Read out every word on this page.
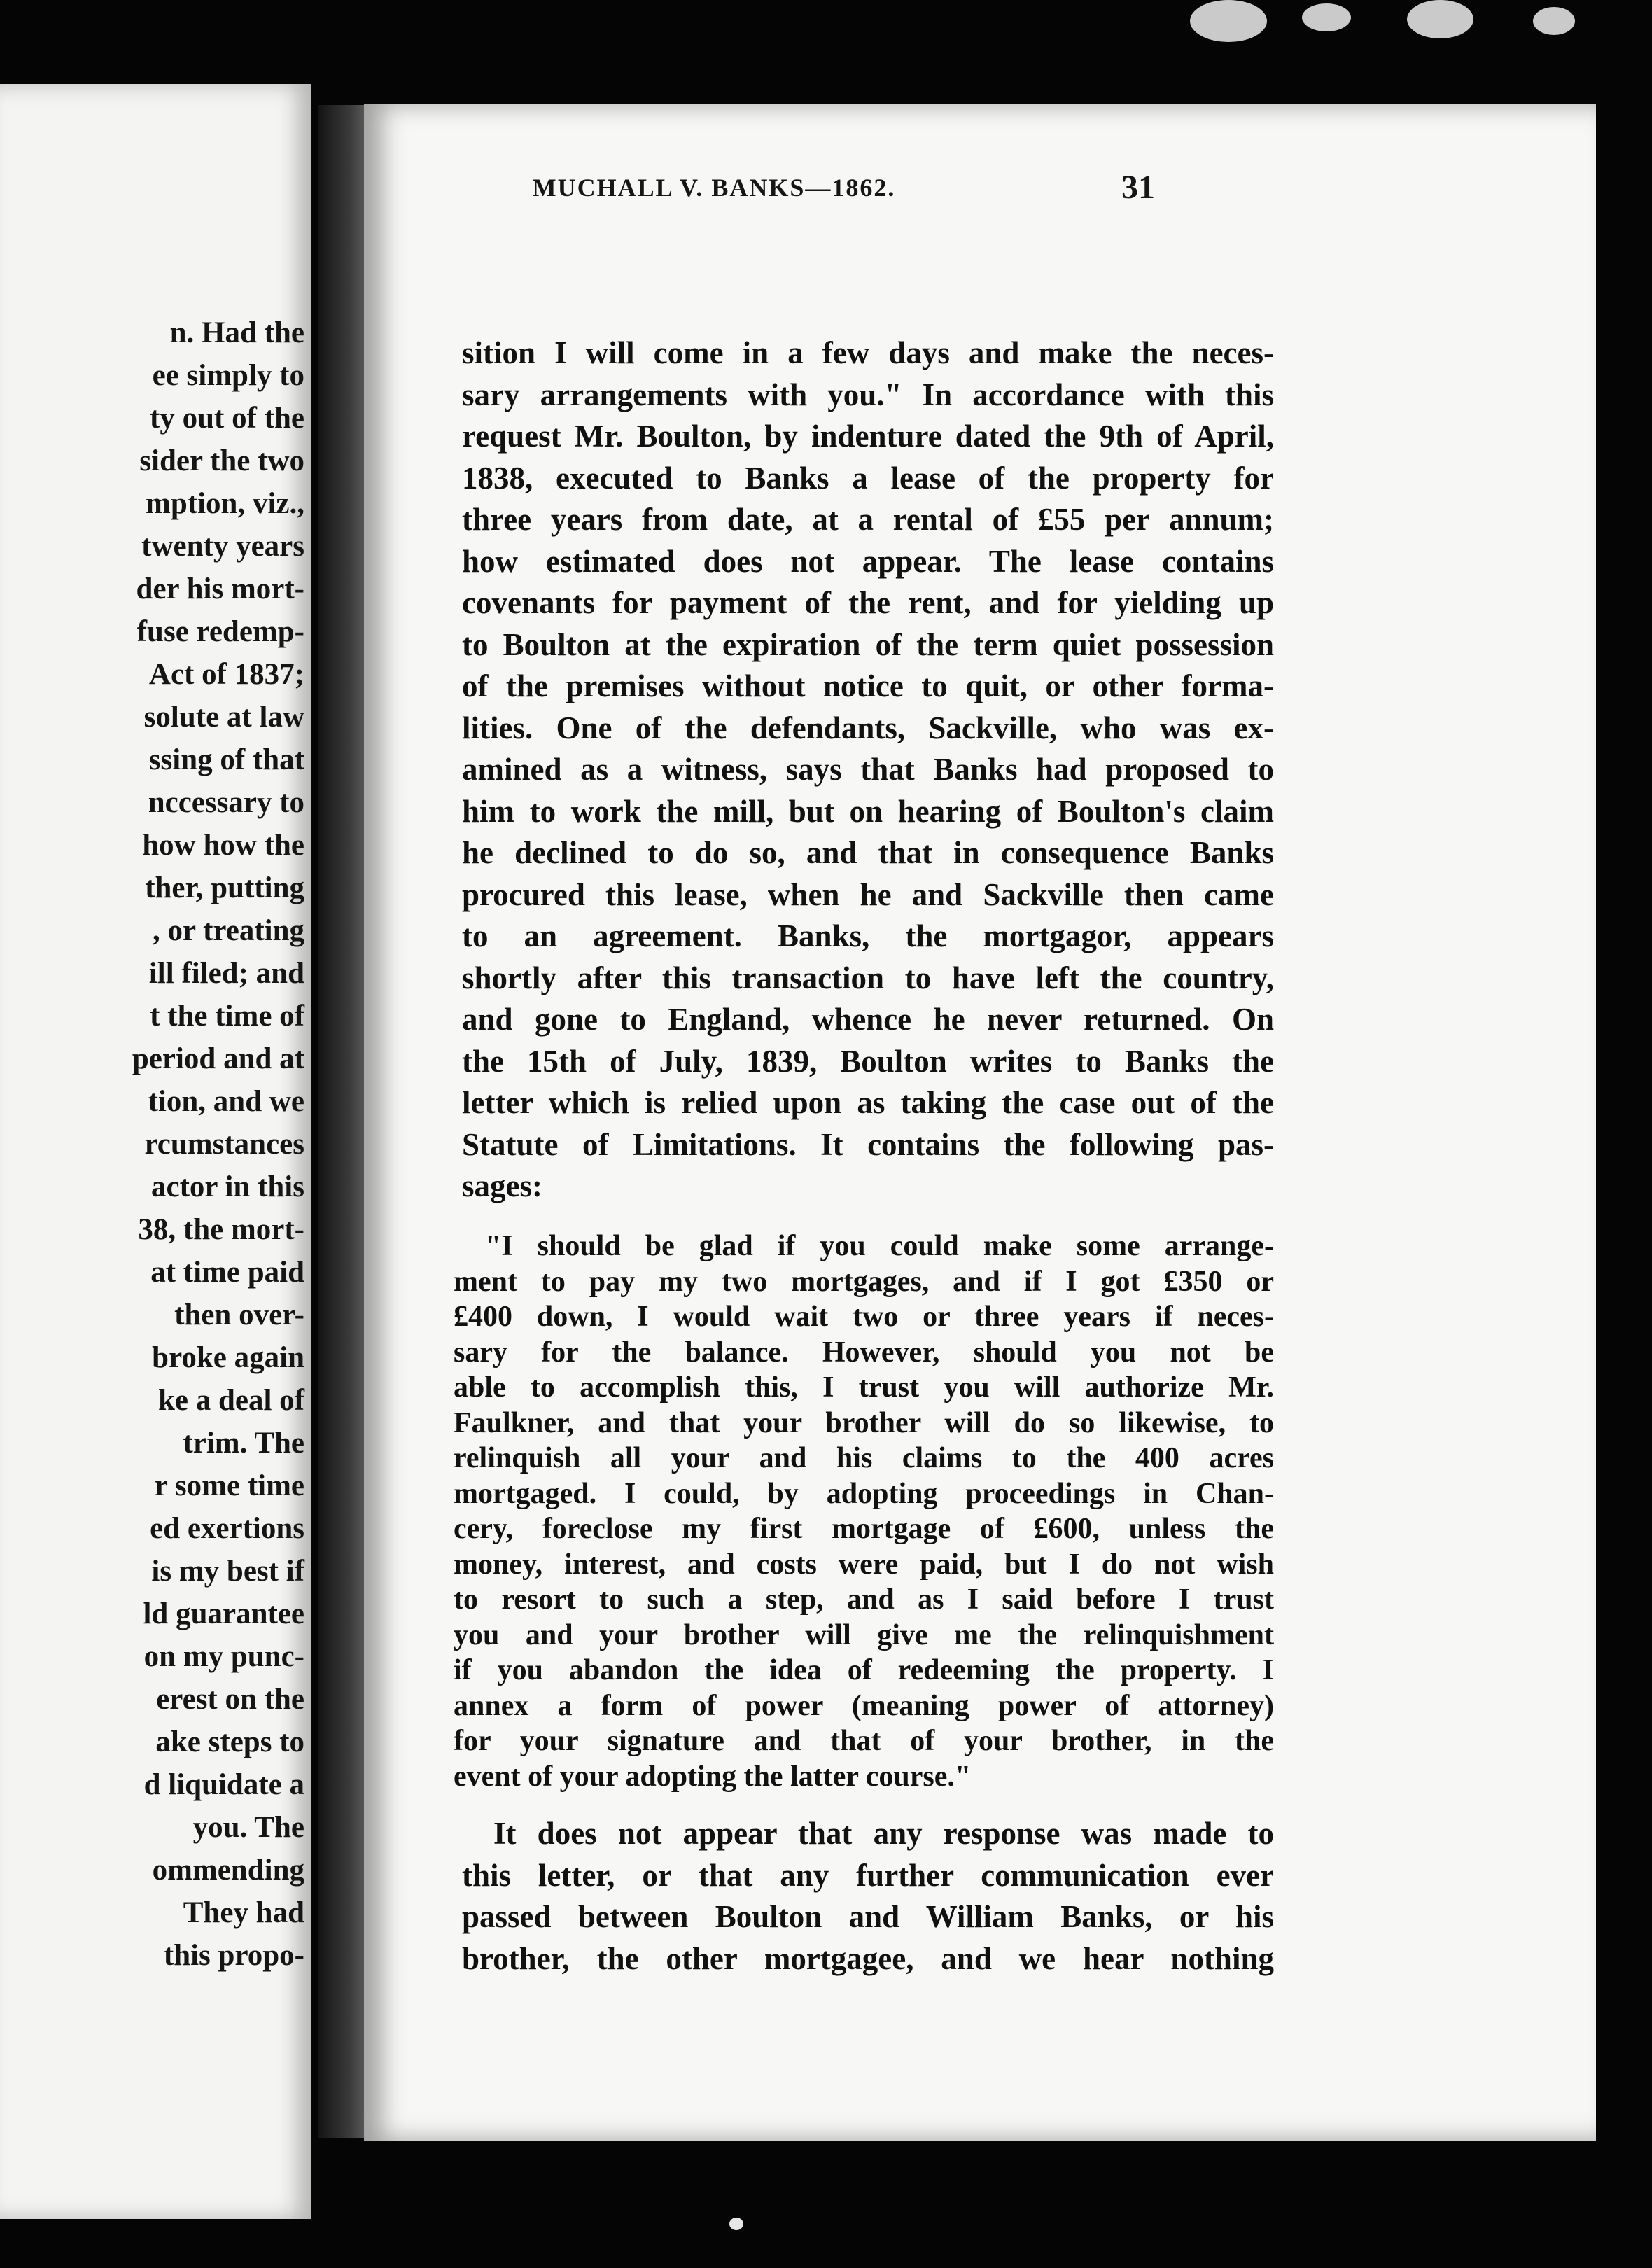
n. Had the
ee simply to
ty out of the
sider the two
mption, viz.,
twenty years
der his mort-
fuse redemp-
Act of 1837;
solute at law
ssing of that
nccessary to
how how the
ther, putting
, or treating
ill filed; and
t the time of
period and at
tion, and we
rcumstances
actor in this
38, the mort-
at time paid
then over-
broke again
ke a deal of
trim. The
r some time
ed exertions
is my best if
ld guarantee
on my punc-
erest on the
ake steps to
d liquidate a
you. The
ommending
They had
this propo-
MUCHALL V. BANKS—1862.	31
sition I will come in a few days and make the neces-
sary arrangements with you." In accordance with this
request Mr. Boulton, by indenture dated the 9th of April,
1838, executed to Banks a lease of the property for
three years from date, at a rental of £55 per annum;
how estimated does not appear. The lease contains
covenants for payment of the rent, and for yielding up
to Boulton at the expiration of the term quiet possession
of the premises without notice to quit, or other forma-
lities. One of the defendants, Sackville, who was ex-
amined as a witness, says that Banks had proposed to
him to work the mill, but on hearing of Boulton's claim
he declined to do so, and that in consequence Banks
procured this lease, when he and Sackville then came
to an agreement. Banks, the mortgagor, appears
shortly after this transaction to have left the country,
and gone to England, whence he never returned. On
the 15th of July, 1839, Boulton writes to Banks the
letter which is relied upon as taking the case out of the
Statute of Limitations. It contains the following pas-
sages:
"I should be glad if you could make some arrange-
ment to pay my two mortgages, and if I got £350 or
£400 down, I would wait two or three years if neces-
sary for the balance. However, should you not be
able to accomplish this, I trust you will authorize Mr.
Faulkner, and that your brother will do so likewise, to
relinquish all your and his claims to the 400 acres
mortgaged. I could, by adopting proceedings in Chan-
cery, foreclose my first mortgage of £600, unless the
money, interest, and costs were paid, but I do not wish
to resort to such a step, and as I said before I trust
you and your brother will give me the relinquishment
if you abandon the idea of redeeming the property. I
annex a form of power (meaning power of attorney)
for your signature and that of your brother, in the
event of your adopting the latter course."
It does not appear that any response was made to
this letter, or that any further communication ever
passed between Boulton and William Banks, or his
brother, the other mortgagee, and we hear nothing
